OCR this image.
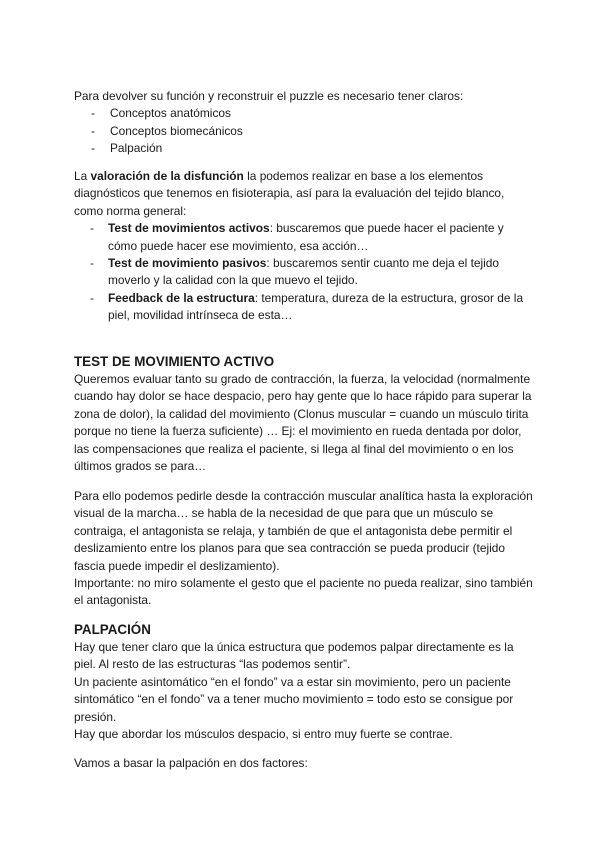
Para devolver su función y reconstruir el puzzle es necesario tener claros:

- Conceptos anatómicos
- Conceptos biomecánicos
- Palpación

La valoración de la disfunción la podemos realizar en base a los elementos diagnósticos que tenemos en fisioterapia, así para la evaluación del tejido blanco, como norma general:

- Test de movimientos activos: buscaremos que puede hacer el paciente y cómo puede hacer ese movimiento, esa acción…
- Test de movimiento pasivos: buscaremos sentir cuanto me deja el tejido moverlo y la calidad con la que muevo el tejido.
- Feedback de la estructura: temperatura, dureza de la estructura, grosor de la piel, movilidad intrínseca de esta…
TEST DE MOVIMIENTO ACTIVO

Queremos evaluar tanto su grado de contracción, la fuerza, la velocidad (normalmente cuando hay dolor se hace despacio, pero hay gente que lo hace rápido para superar la zona de dolor), la calidad del movimiento (Clonus muscular = cuando un músculo tirita porque no tiene la fuerza suficiente) … Ej: el movimiento en rueda dentada por dolor, las compensaciones que realiza el paciente, si llega al final del movimiento o en los últimos grados se para…

Para ello podemos pedirle desde la contracción muscular analítica hasta la exploración visual de la marcha… se habla de la necesidad de que para que un músculo se contraiga, el antagonista se relaja, y también de que el antagonista debe permitir el deslizamiento entre los planos para que sea contracción se pueda producir (tejido fascia puede impedir el deslizamiento).

Importante: no miro solamente el gesto que el paciente no pueda realizar, sino también el antagonista.

PALPACIÓN

Hay que tener claro que la única estructura que podemos palpar directamente es la piel. Al resto de las estructuras “las podemos sentir”.

Un paciente asintomático “en el fondo” va a estar sin movimiento, pero un paciente sintomático “en el fondo” va a tener mucho movimiento = todo esto se consigue por presión.

Hay que abordar los músculos despacio, si entro muy fuerte se contrae.

Vamos a basar la palpación en dos factores:
